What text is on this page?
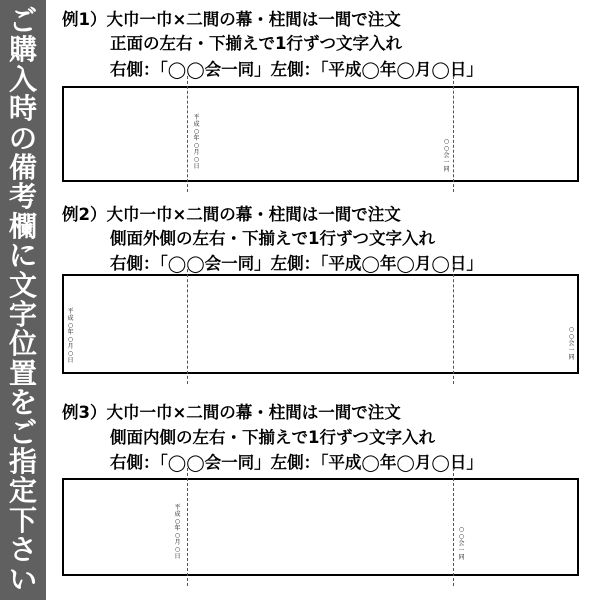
ご
購
入
時
の
備
考
欄
に
文
字
位
置
を
ご
指
定
下
さ
い
例1）大巾一巾×二間の幕・柱間は一間で注文
正面の左右・下揃えで1行ずつ文字入れ
右側：「◯◯会一同」左側：「平成◯年◯月◯日」
平成○年○月○日
○○会一同
例2）大巾一巾×二間の幕・柱間は一間で注文
側面外側の左右・下揃えで1行ずつ文字入れ
右側：「◯◯会一同」左側：「平成◯年◯月◯日」
平成○年○月○日
○○会一同
例3）大巾一巾×二間の幕・柱間は一間で注文
側面内側の左右・下揃えで1行ずつ文字入れ
右側：「◯◯会一同」左側：「平成◯年◯月◯日」
平成○年○月○日
○○会一同
